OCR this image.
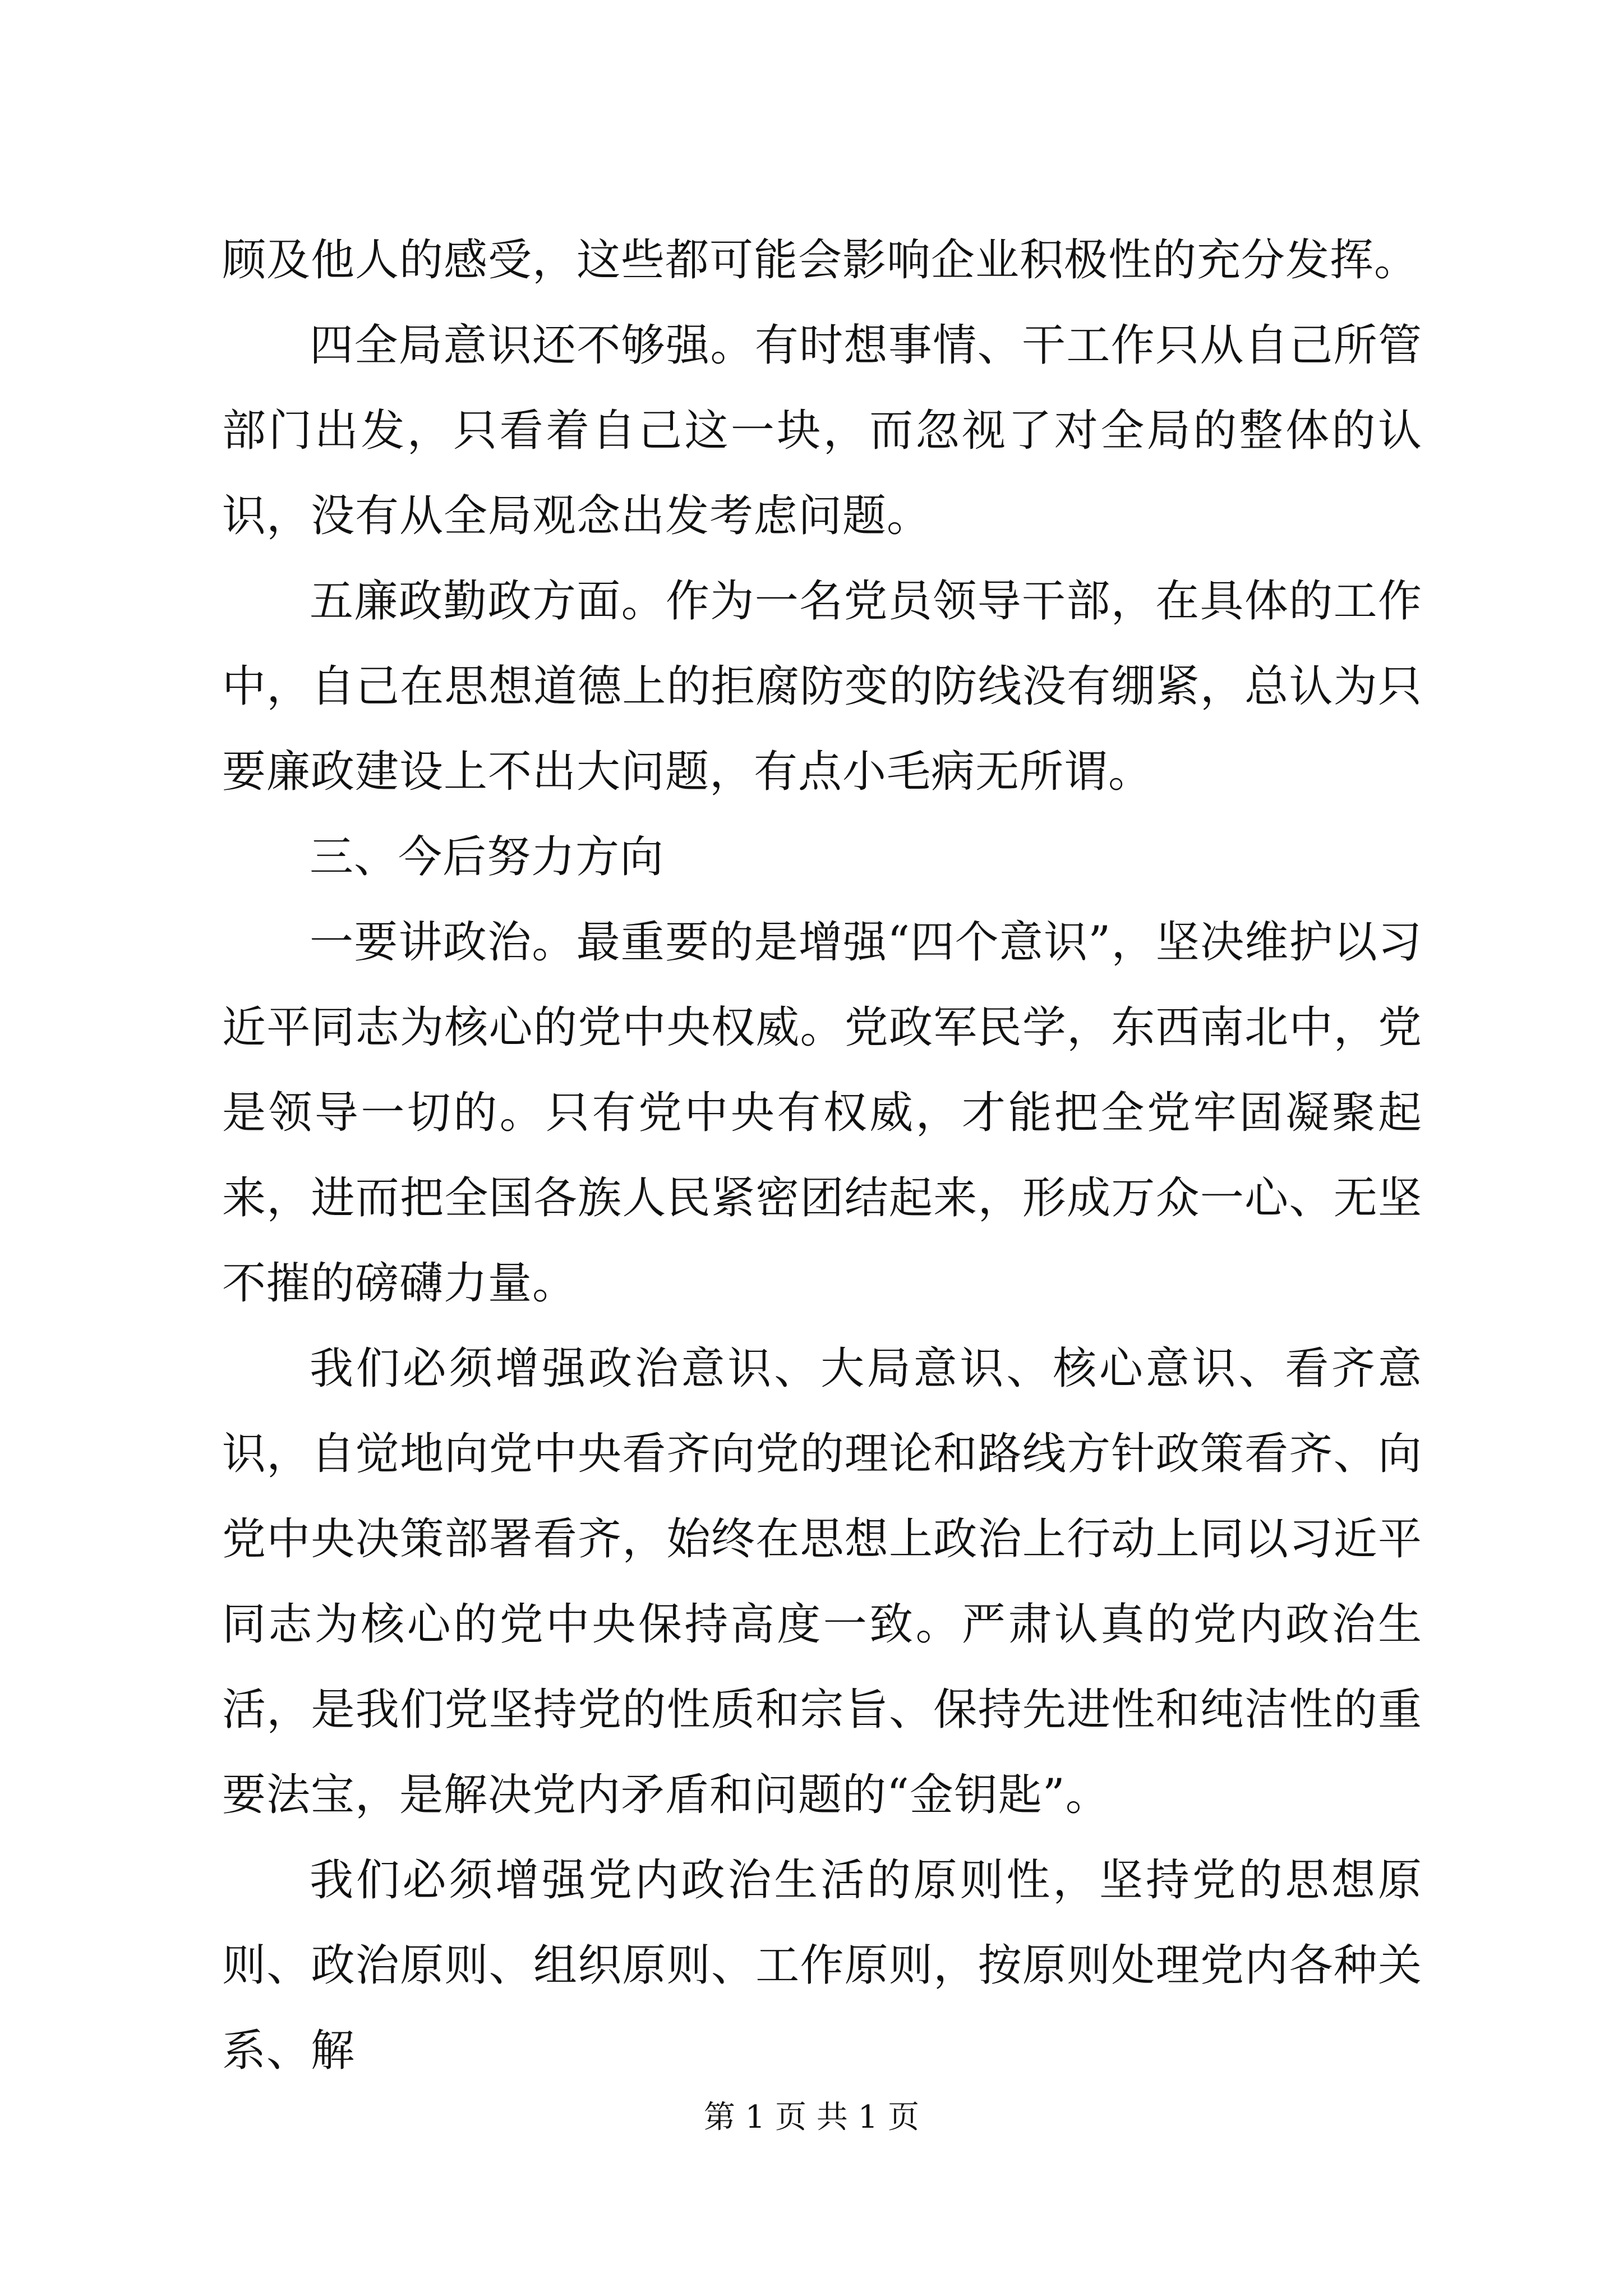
顾及他人的感受，这些都可能会影响企业积极性的充分发挥。

四全局意识还不够强。有时想事情、干工作只从自己所管部门出发，只看着自己这一块，而忽视了对全局的整体的认识，没有从全局观念出发考虑问题。

五廉政勤政方面。作为一名党员领导干部，在具体的工作中，自己在思想道德上的拒腐防变的防线没有绷紧，总认为只要廉政建设上不出大问题，有点小毛病无所谓。

三、今后努力方向

一要讲政治。最重要的是增强“四个意识”，坚决维护以习近平同志为核心的党中央权威。党政军民学，东西南北中，党是领导一切的。只有党中央有权威，才能把全党牢固凝聚起来，进而把全国各族人民紧密团结起来，形成万众一心、无坚不摧的磅礴力量。

我们必须增强政治意识、大局意识、核心意识、看齐意识，自觉地向党中央看齐向党的理论和路线方针政策看齐、向党中央决策部署看齐，始终在思想上政治上行动上同以习近平同志为核心的党中央保持高度一致。严肃认真的党内政治生活，是我们党坚持党的性质和宗旨、保持先进性和纯洁性的重要法宝，是解决党内矛盾和问题的“金钥匙”。

我们必须增强党内政治生活的原则性，坚持党的思想原则、政治原则、组织原则、工作原则，按原则处理党内各种关系、解

第 1 页 共 1 页
